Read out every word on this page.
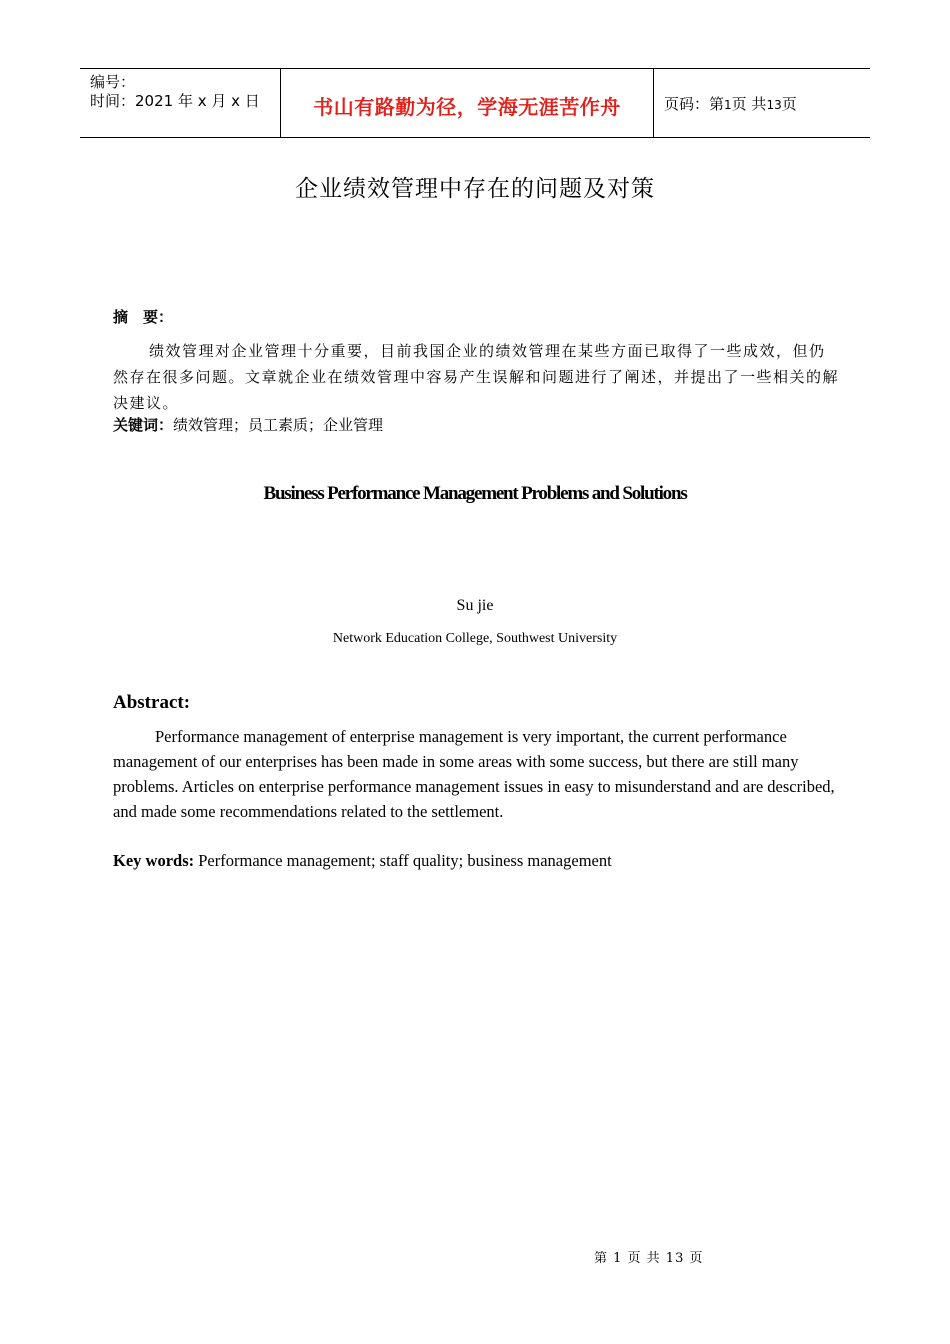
编号：
时间：2021 年 x 月 x 日	书山有路勤为径，学海无涯苦作舟	页码：第1页 共13页
企业绩效管理中存在的问题及对策
摘　要：
绩效管理对企业管理十分重要，目前我国企业的绩效管理在某些方面已取得了一些成效，但仍然存在很多问题。文章就企业在绩效管理中容易产生误解和问题进行了阐述，并提出了一些相关的解决建议。
关键词：绩效管理；员工素质；企业管理
Business Performance Management Problems and Solutions
Su jie
Network Education College, Southwest University
Abstract:
Performance management of enterprise management is very important, the current performance management of our enterprises has been made in some areas with some success, but there are still many problems. Articles on enterprise performance management issues in easy to misunderstand and are described, and made some recommendations related to the settlement.
Key words: Performance management; staff quality; business management
第 1 页 共 13 页
